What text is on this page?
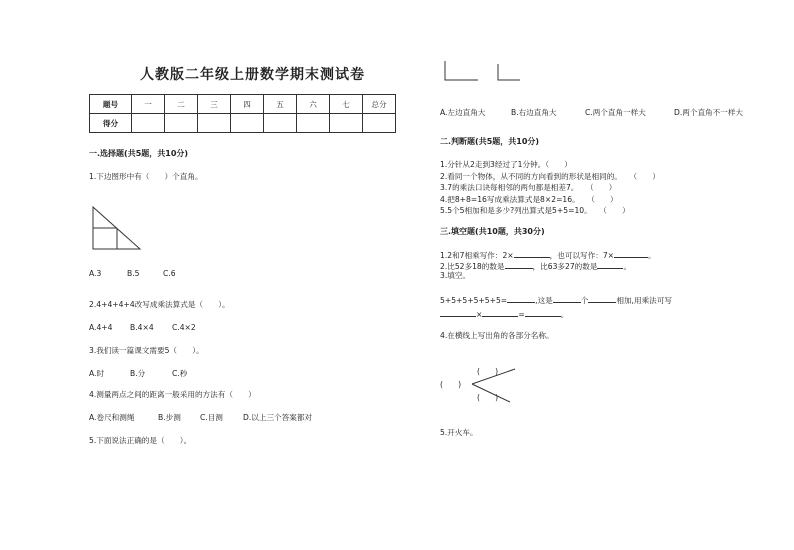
人教版二年级上册数学期末测试卷
题号	一	二	三	四	五	六	七	总分
得分								
一.选择题(共5题，共10分)
1.下边图形中有（　　）个直角。
A.3	B.5	C.6
2.4+4+4+4改写成乘法算式是（　　）。
A.4+4 B.4×4 C.4×2
3.我们读一篇课文需要5（　　）。
A.时	B.分	C.秒
4.测量两点之间的距离一般采用的方法有（　　）
A.卷尺和测绳	B.步测	C.目测	D.以上三个答案都对
5.下面说法正确的是（　　）。
A.左边直角大	B.右边直角大	C.两个直角一样大	D.两个直角不一样大
二.判断题(共5题，共10分)
1.分针从2走到3经过了1分钟。（　　）
2.看同一个物体，从不同的方向看到的形状是相同的。　　（　　）
3.7的乘法口诀每相邻的两句都是相差7。　　（　　）
4.把8+8=16写成乘法算式是8×2=16。　　（　　）
5.5个5相加和是多少?列出算式是5+5=10。　　（　　）
三.填空题(共10题，共30分)
1.2和7相乘写作：2×	，也可以写作：7×	。
2.比52多18的数是	，比63多27的数是	。
3.填空。
5+5+5+5+5+5=	,这是	个	相加,用乘法可写
×	=	。
4.在横线上写出角的各部分名称。
(　　)
(　　)
(　　)
5.开火车。
